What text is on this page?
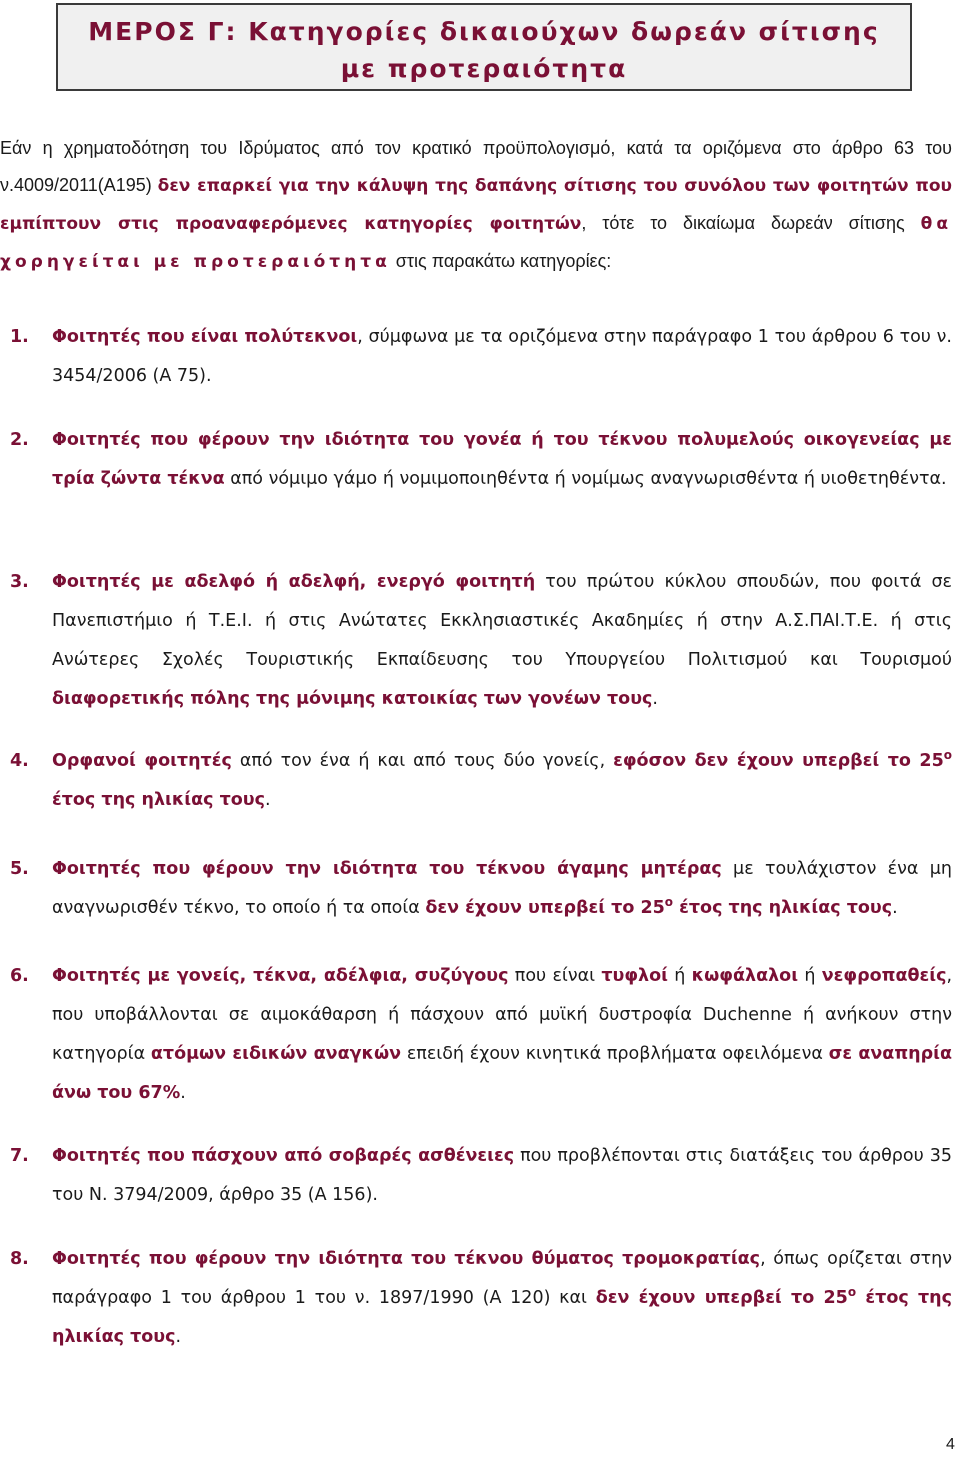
ΜΕΡΟΣ Γ: Κατηγορίες δικαιούχων δωρεάν σίτισης
με προτεραιότητα
Εάν η χρηματοδότηση του Ιδρύματος από τον κρατικό προϋπολογισμό, κατά τα οριζόμενα στο άρθρο 63 του ν.4009/2011(Α195) δεν επαρκεί για την κάλυψη της δαπάνης σίτισης του συνόλου των φοιτητών που εμπίπτουν στις προαναφερόμενες κατηγορίες φοιτητών, τότε το δικαίωμα δωρεάν σίτισης θα χορηγείται με προτεραιότητα στις παρακάτω κατηγορίες:
1. Φοιτητές που είναι πολύτεκνοι, σύμφωνα με τα οριζόμενα στην παράγραφο 1 του άρθρου 6 του ν. 3454/2006 (Α 75).
2. Φοιτητές που φέρουν την ιδιότητα του γονέα ή του τέκνου πολυμελούς οικογενείας με τρία ζώντα τέκνα από νόμιμο γάμο ή νομιμοποιηθέντα ή νομίμως αναγνωρισθέντα ή υιοθετηθέντα.
3. Φοιτητές με αδελφό ή αδελφή, ενεργό φοιτητή του πρώτου κύκλου σπουδών, που φοιτά σε Πανεπιστήμιο ή Τ.Ε.Ι. ή στις Ανώτατες Εκκλησιαστικές Ακαδημίες ή στην Α.Σ.ΠΑΙ.Τ.Ε. ή στις Ανώτερες Σχολές Τουριστικής Εκπαίδευσης του Υπουργείου Πολιτισμού και Τουρισμού διαφορετικής πόλης της μόνιμης κατοικίας των γονέων τους.
4. Ορφανοί φοιτητές από τον ένα ή και από τους δύο γονείς, εφόσον δεν έχουν υπερβεί το $25^o$ έτος της ηλικίας τους.
5. Φοιτητές που φέρουν την ιδιότητα του τέκνου άγαμης μητέρας με τουλάχιστον ένα μη αναγνωρισθέν τέκνο, το οποίο ή τα οποία δεν έχουν υπερβεί το $25^o$ έτος της ηλικίας τους.
6. Φοιτητές με γονείς, τέκνα, αδέλφια, συζύγους που είναι τυφλοί ή κωφάλαλοι ή νεφροπαθείς, που υποβάλλονται σε αιμοκάθαρση ή πάσχουν από μυϊκή δυστροφία Duchenne ή ανήκουν στην κατηγορία ατόμων ειδικών αναγκών επειδή έχουν κινητικά προβλήματα οφειλόμενα σε αναπηρία άνω του 67%.
7. Φοιτητές που πάσχουν από σοβαρές ασθένειες που προβλέπονται στις διατάξεις του άρθρου 35 του Ν. 3794/2009, άρθρο 35 (Α 156).
8. Φοιτητές που φέρουν την ιδιότητα του τέκνου θύματος τρομοκρατίας, όπως ορίζεται στην παράγραφο 1 του άρθρου 1 του ν. 1897/1990 (Α 120) και δεν έχουν υπερβεί το $25^o$ έτος της ηλικίας τους.
4
